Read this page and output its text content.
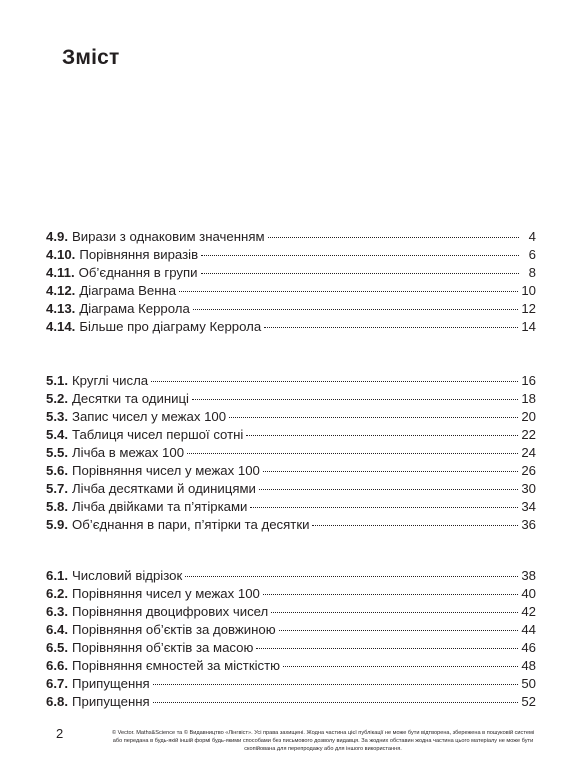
Зміст
4.9. Вирази з однаковим значенням	4
4.10. Порівняння виразів	6
4.11. Об’єднання в групи	8
4.12. Діаграма Венна	10
4.13. Діаграма Керрола	12
4.14. Більше про діаграму Керрола	14
5.1. Круглі числа	16
5.2. Десятки та одиниці	18
5.3. Запис чисел у межах 100	20
5.4. Таблиця чисел першої сотні	22
5.5. Лічба в межах 100	24
5.6. Порівняння чисел у межах 100	26
5.7. Лічба десятками й одиницями	30
5.8. Лічба двійками та п’ятірками	34
5.9. Об’єднання в пари, п’ятірки та десятки	36
6.1. Числовий відрізок	38
6.2. Порівняння чисел у межах 100	40
6.3. Порівняння двоцифрових чисел	42
6.4. Порівняння об’єктів за довжиною	44
6.5. Порівняння об’єктів за масою	46
6.6. Порівняння ємностей за місткістю	48
6.7. Припущення	50
6.8. Припущення	52
2	© Vector. Maths&Science та © Видавництво «Лінгвіст». Усі права захищені. Жодна частина цієї публікації не може бути відтворена, збережена в пошуковій системі
або передана в будь-якій іншій формі будь-якими способами без письмового дозволу видавця. За жодних обставин жодна частина цього матеріалу не може бути
скопійована для перепродажу або для іншого використання.
